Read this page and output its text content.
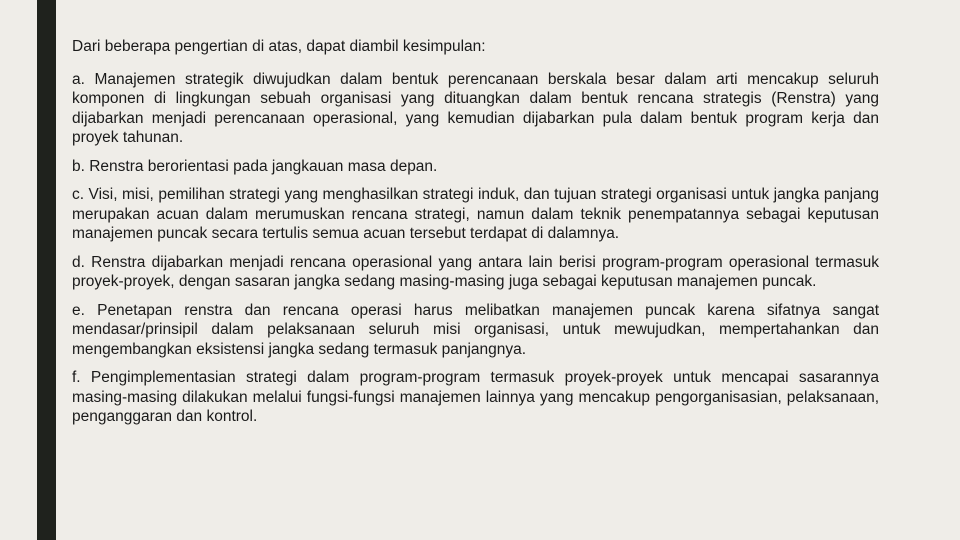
Dari beberapa pengertian di atas, dapat diambil kesimpulan:

a. Manajemen strategik diwujudkan dalam bentuk perencanaan berskala besar dalam arti mencakup seluruh komponen di lingkungan sebuah organisasi yang dituangkan dalam bentuk rencana strategis (Renstra) yang dijabarkan menjadi perencanaan operasional, yang kemudian dijabarkan pula dalam bentuk program kerja dan proyek tahunan.

b. Renstra berorientasi pada jangkauan masa depan.

c. Visi, misi, pemilihan strategi yang menghasilkan strategi induk, dan tujuan strategi organisasi untuk jangka panjang merupakan acuan dalam merumuskan rencana strategi, namun dalam teknik penempatannya sebagai keputusan manajemen puncak secara tertulis semua acuan tersebut terdapat di dalamnya.

d. Renstra dijabarkan menjadi rencana operasional yang antara lain berisi program-program operasional termasuk proyek-proyek, dengan sasaran jangka sedang masing-masing juga sebagai keputusan manajemen puncak.

e. Penetapan renstra dan rencana operasi harus melibatkan manajemen puncak karena sifatnya sangat mendasar/prinsipil dalam pelaksanaan seluruh misi organisasi, untuk mewujudkan, mempertahankan dan mengembangkan eksistensi jangka sedang termasuk panjangnya.

f. Pengimplementasian strategi dalam program-program termasuk proyek-proyek untuk mencapai sasarannya masing-masing dilakukan melalui fungsi-fungsi manajemen lainnya yang mencakup pengorganisasian, pelaksanaan, penganggaran dan kontrol.
